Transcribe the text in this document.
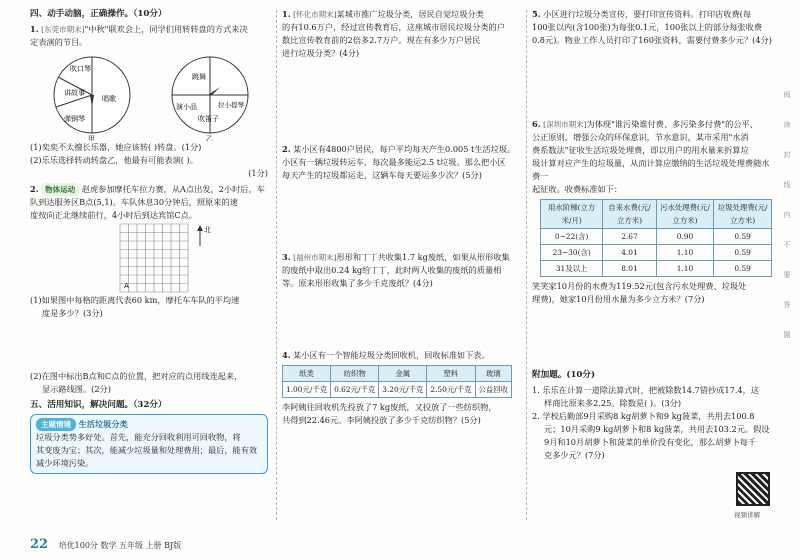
四、动手动脑，正确操作。（10分）
1. [东莞市期末]"中秋"联欢会上，同学们用转转盘的方式来决
定表演的节目。
吹口琴
讲故事
唱歌
弹钢琴
甲
跳舞
演小品	拉小提琴
吹笛子
乙
(1)奕奕不太擅长乐器，她应该转( )转盘。(1分)
(2)乐乐选择转动转盘乙，他最有可能表演( )。
(1分)
2. 物体运动 赵虎参加摩托车拉力赛，从A点出发，2小时后，车
队到达服务区B点(5,1)。车队休息30分钟后，照原来的速
度按向正北继续前行，4小时后到达宾馆C点。
A
北
(1)如果图中每格的距离代表60 km，摩托车车队的平均速
度是多少？(3分)
(2)在图中标出B点和C点的位置，把对应的点用线连起来，
显示路线图。(2分)
五、活用知识，解决问题。（32分）
主题情境 生活垃圾分类
垃圾分类势多好处。首先，能充分回收利用可回收物，将
其变废为宝；其次，能减少垃圾量和处理费用；最后，能有效
减少环境污染。
1. [怀化市期末]某城市推广垃圾分类，居民自觉垃圾分类
的有10.6万户，经过宣传教育后，这座城市居民垃圾分类的户
数比宣传教育前的2倍多2.7万户。现在有多少万户居民
进行垃圾分类？(4分)
2. 某小区有4800户居民，每户平均每天产生0.005 t生活垃圾。
小区有一辆垃圾转运车，每次最多能运2.5 t垃圾。那么把小区
每天产生的垃圾都运走，这辆车每天要运多少次？(5分)
3. [福州市期末]形形和丁丁共收集1.7 kg废纸，如果从形形收集
的废纸中取出0.24 kg给丁丁，此时两人收集的废纸的质量相
等。原来形形收集了多少千克废纸？(4分)
4. 某小区有一个智能垃圾分类回收机，回收标准如下表。
纸类	纺织物	金属	塑料	玻璃
1.00元/千克	0.62元/千克	3.20元/千克	2.50元/千克	公益回收
李阿姨往回收机先投放了7 kg废纸，又投放了一些纺织物，
共得到22.46元。李阿姨投放了多少千克纺织物？(5分)
5. 小区进行垃圾分类宣传，要打印宣传资料。打印店收费(每
100张以内(含100张)为每张0.1元，100张以上的部分每张收费
0.8元)。物业工作人员打印了160张资料，需要付费多少元？(4分)
6. [深圳市期末]为体现"谁污染谁付费、多污染多付费"的公平、
公正原则，增强公众的环保意识，节水意识，某市采用"水消
费系数法"征收生活垃圾处理费，即以用户的用水量来折算垃
圾计算对应产生的垃圾量，从而计算应缴纳的生活垃圾处理费随水费一
起征收。收费标准如下：
用水阶梯(立方米/月)	自来水费(元/立方米)	污水处理费(元/立方米)	垃圾处理费(元/立方米)
0~22(含)	2.67	0.90	0.59
23~30(含)	4.01	1.10	0.59
31及以上	8.01	1.10	0.59
笑笑家10月份的水费为119.52元(包含污水处理费、垃圾处
理费)，她家10月份用水量为多少立方米？(7分)
附加题。(10分)
1. 乐乐在计算一道除法算式时，把被除数14.7错抄成17.4，这
样商比原来多2.25。除数是( )。(3分)
2. 学校后勤部9月采购8 kg胡萝卜和9 kg菠菜，共用去100.8
元；10月采购9 kg胡萝卜和8 kg菠菜，共用去103.2元。假设
9月和10月胡萝卜和菠菜的单价没有变化，那么胡萝卜每千
克多少元？(7分)
视频讲解
阅
读
封
线
内
不
要
答
题
22 培优100分 数学 五年级 上册 BJ版
